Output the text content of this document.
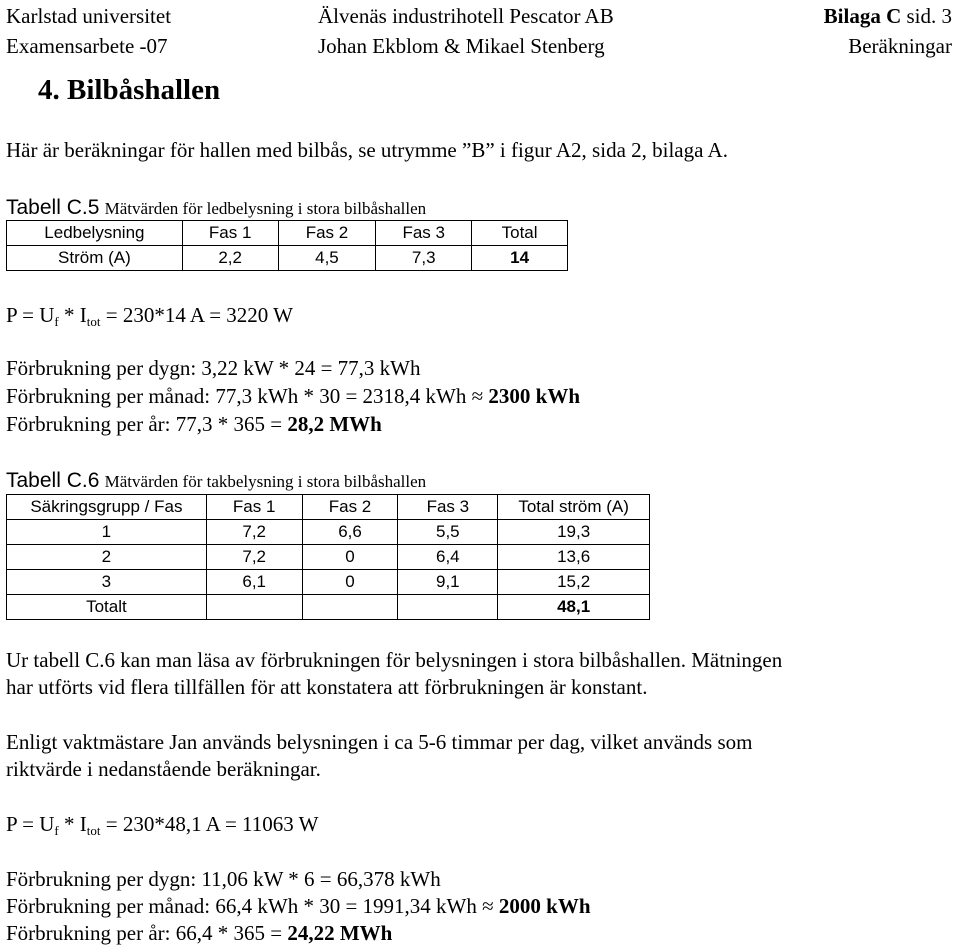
Karlstad universitet
Examensarbete -07
Älvenäs industrihotell Pescator AB
Johan Ekblom & Mikael Stenberg
Bilaga C sid. 3
Beräkningar
4. Bilbåshallen
Här är beräkningar för hallen med bilbås, se utrymme ”B” i figur A2, sida 2, bilaga A.
Tabell C.5 Mätvärden för ledbelysning i stora bilbåshallen
Ledbelysning	Fas 1	Fas 2	Fas 3	Total
Ström (A)	2,2	4,5	7,3	14
$P = U_f * I_{tot} = 230*14$ A = 3220 W
Förbrukning per dygn: 3,22 kW * 24 = 77,3 kWh
Förbrukning per månad: 77,3 kWh * 30 = 2318,4 kWh ≈ 2300 kWh
Förbrukning per år: 77,3 * 365 = 28,2 MWh
Tabell C.6 Mätvärden för takbelysning i stora bilbåshallen
Säkringsgrupp / Fas	Fas 1	Fas 2	Fas 3	Total ström (A)
1	7,2	6,6	5,5	19,3
2	7,2	0	6,4	13,6
3	6,1	0	9,1	15,2
Totalt				48,1
Ur tabell C.6 kan man läsa av förbrukningen för belysningen i stora bilbåshallen. Mätningen
har utförts vid flera tillfällen för att konstatera att förbrukningen är konstant.
Enligt vaktmästare Jan används belysningen i ca 5-6 timmar per dag, vilket används som
riktvärde i nedanstående beräkningar.
$P = U_f * I_{tot} = 230*48,1$ A = 11063 W
Förbrukning per dygn: 11,06 kW * 6 = 66,378 kWh
Förbrukning per månad: 66,4 kWh * 30 = 1991,34 kWh ≈ 2000 kWh
Förbrukning per år: 66,4 * 365 = 24,22 MWh
